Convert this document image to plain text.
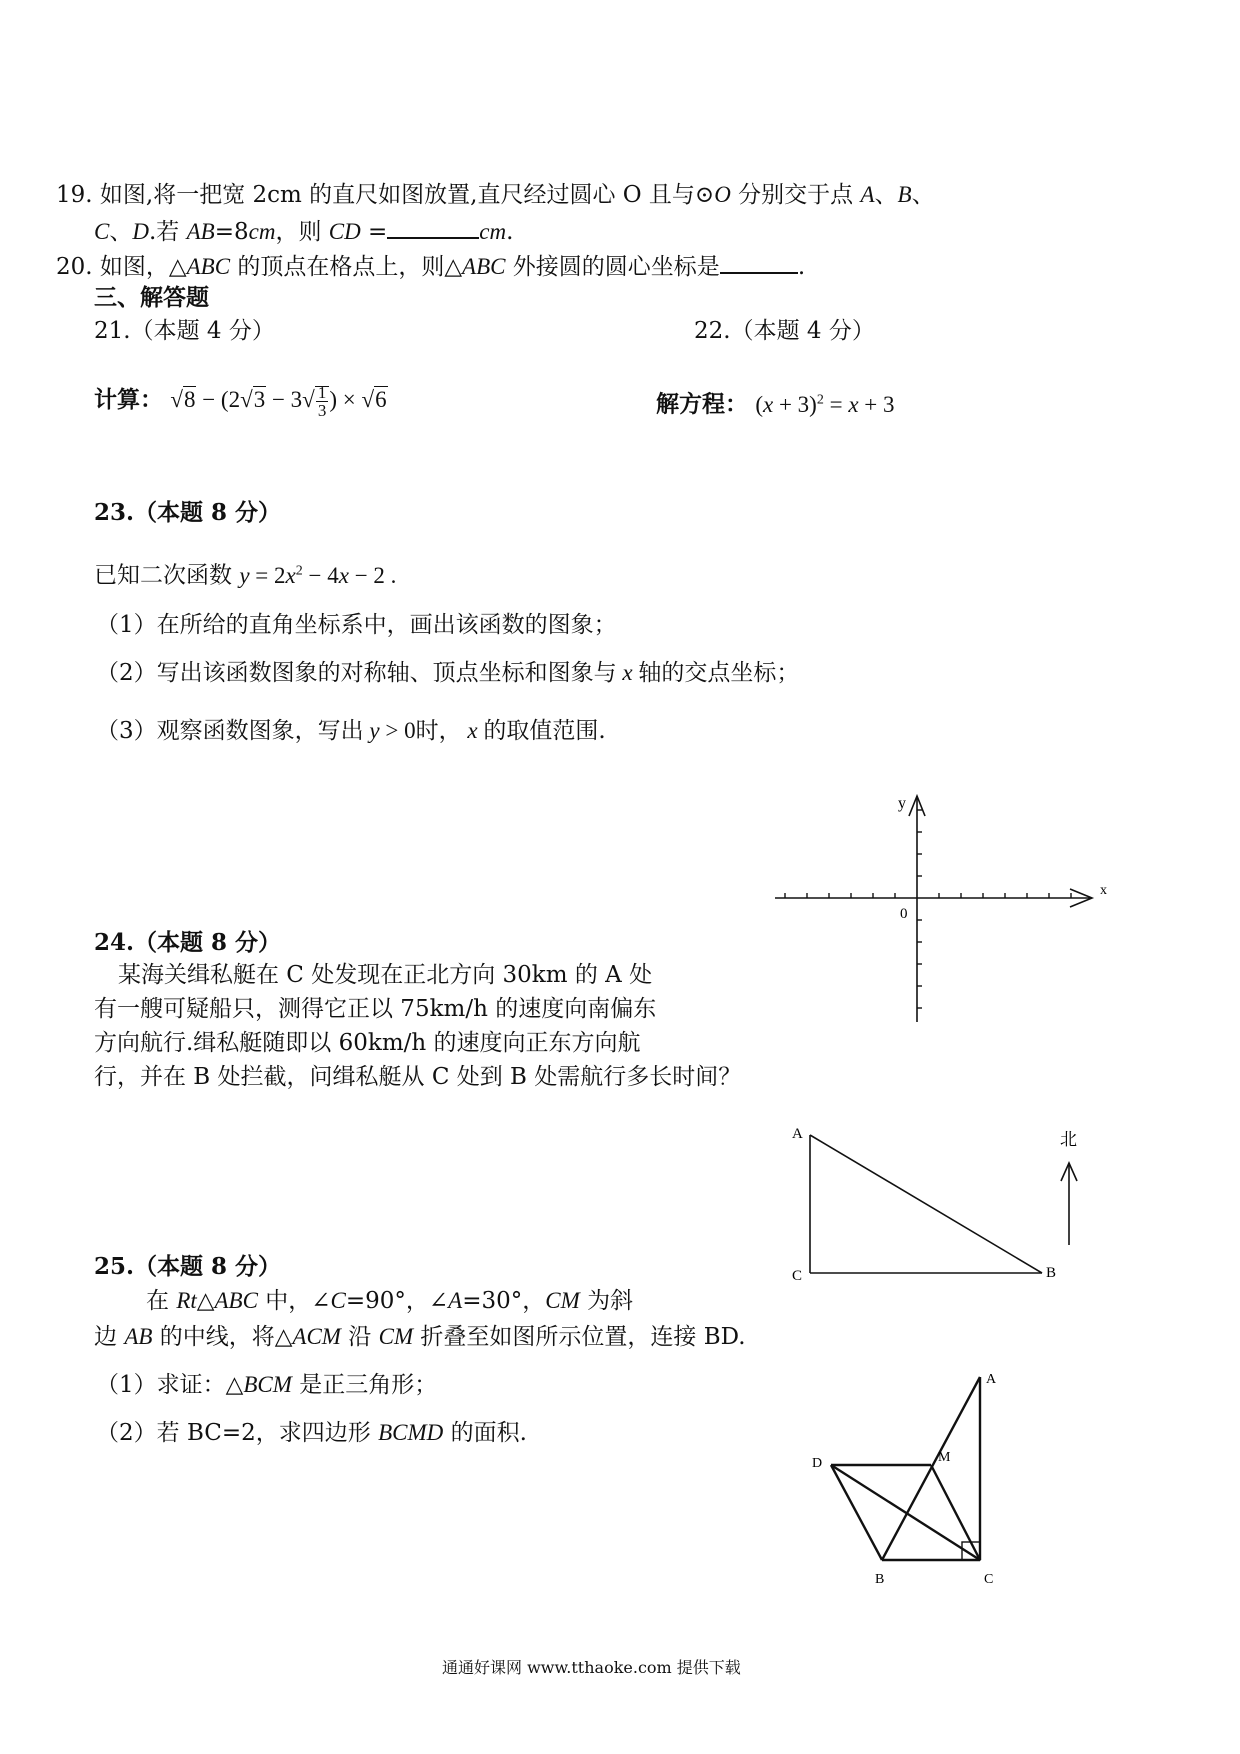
19. 如图,将一把宽 2cm 的直尺如图放置,直尺经过圆心 O 且与⊙O 分别交于点 A、B、
C、D.若 AB=8cm，则 CD =	cm.
20. 如图，△ABC 的顶点在格点上，则△ABC 外接圆的圆心坐标是	.
三、解答题
21.（本题 4 分）	22.（本题 4 分）
计算： $√8 - (2√3 - 3√ \frac{1}{3}$ ) × √6	解方程： $(x + 3)^2 = x + 3$
23.（本题 8 分）
已知二次函数 $y = 2x^2 - 4x - 2$ .
（1）在所给的直角坐标系中，画出该函数的图象；
（2）写出该函数图象的对称轴、顶点坐标和图象与 x 轴的交点坐标；
（3）观察函数图象，写出 y > 0时， x 的取值范围.
y
x
0
24.（本题 8 分）
某海关缉私艇在 C 处发现在正北方向 30km 的 A 处
有一艘可疑船只，测得它正以 75km/h 的速度向南偏东
方向航行.缉私艇随即以 60km/h 的速度向正东方向航
行，并在 B 处拦截，问缉私艇从 C 处到 B 处需航行多长时间？
A
C	B
北
25.（本题 8 分）
在 Rt△ABC 中，∠C=90°，∠A=30°，CM 为斜
边 AB 的中线，将△ACM 沿 CM 折叠至如图所示位置，连接 BD.
（1）求证：△BCM 是正三角形；
（2）若 BC=2，求四边形 BCMD 的面积.
A
D	M
B	C
通通好课网 www.tthaoke.com 提供下载
